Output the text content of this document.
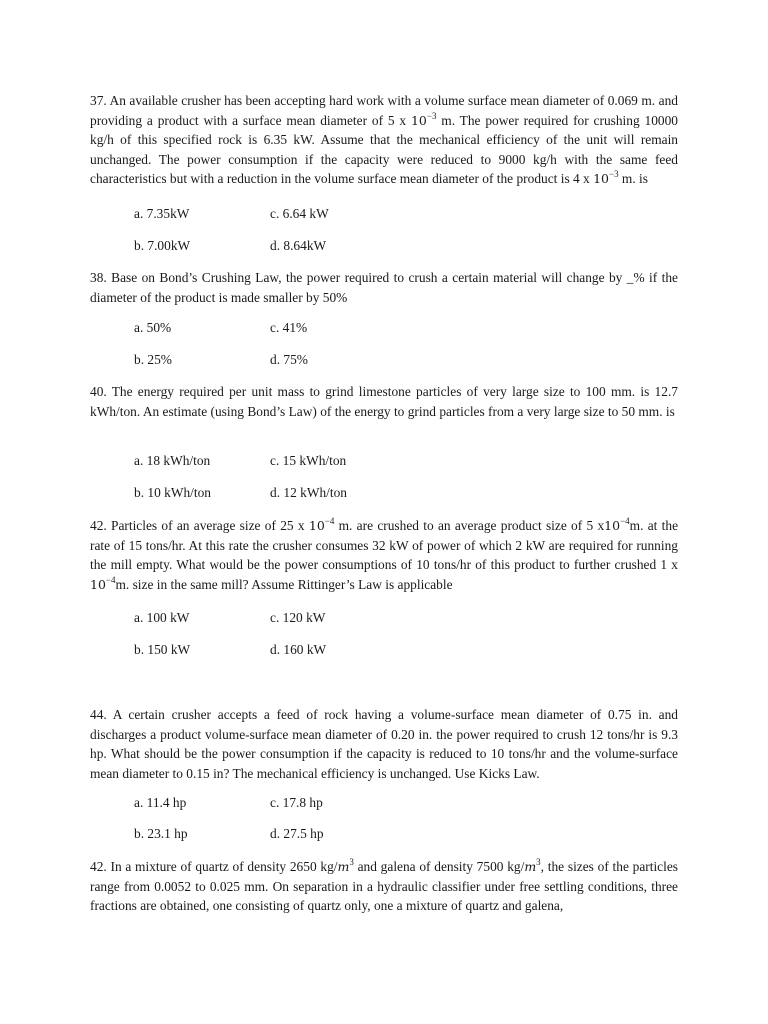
37. An available crusher has been accepting hard work with a volume surface mean diameter of 0.069 m. and providing a product with a surface mean diameter of 5 x $10^{-3}$ m. The power required for crushing 10000 kg/h of this specified rock is 6.35 kW. Assume that the mechanical efficiency of the unit will remain unchanged. The power consumption if the capacity were reduced to 9000 kg/h with the same feed characteristics but with a reduction in the volume surface mean diameter of the product is 4 x $10^{-3}$ m. is

a. 7.35kW	c. 6.64 kW
b. 7.00kW	d. 8.64kW

38. Base on Bond’s Crushing Law, the power required to crush a certain material will change by _% if the diameter of the product is made smaller by 50%

a. 50%	c. 41%
b. 25%	d. 75%

40. The energy required per unit mass to grind limestone particles of very large size to 100 mm. is 12.7 kWh/ton. An estimate (using Bond’s Law) of the energy to grind particles from a very large size to 50 mm. is

a. 18 kWh/ton	c. 15 kWh/ton
b. 10 kWh/ton	d. 12 kWh/ton

42. Particles of an average size of 25 x $10^{-4}$ m. are crushed to an average product size of 5 $x10^{-4}m$. at the rate of 15 tons/hr. At this rate the crusher consumes 32 kW of power of which 2 kW are required for running the mill empty. What would be the power consumptions of 10 tons/hr of this product to further crushed 1 x $10^{-4}m$. size in the same mill? Assume Rittinger’s Law is applicable

a. 100 kW	c. 120 kW
b. 150 kW	d. 160 kW

44. A certain crusher accepts a feed of rock having a volume-surface mean diameter of 0.75 in. and discharges a product volume-surface mean diameter of 0.20 in. the power required to crush 12 tons/hr is 9.3 hp. What should be the power consumption if the capacity is reduced to 10 tons/hr and the volume-surface mean diameter to 0.15 in? The mechanical efficiency is unchanged. Use Kicks Law.

a. 11.4 hp	c. 17.8 hp
b. 23.1 hp	d. 27.5 hp

42. In a mixture of quartz of density 2650 $kg/m^3$ and galena of density 7500 $kg/m^3$, the sizes of the particles range from 0.0052 to 0.025 mm. On separation in a hydraulic classifier under free settling conditions, three fractions are obtained, one consisting of quartz only, one a mixture of quartz and galena,
